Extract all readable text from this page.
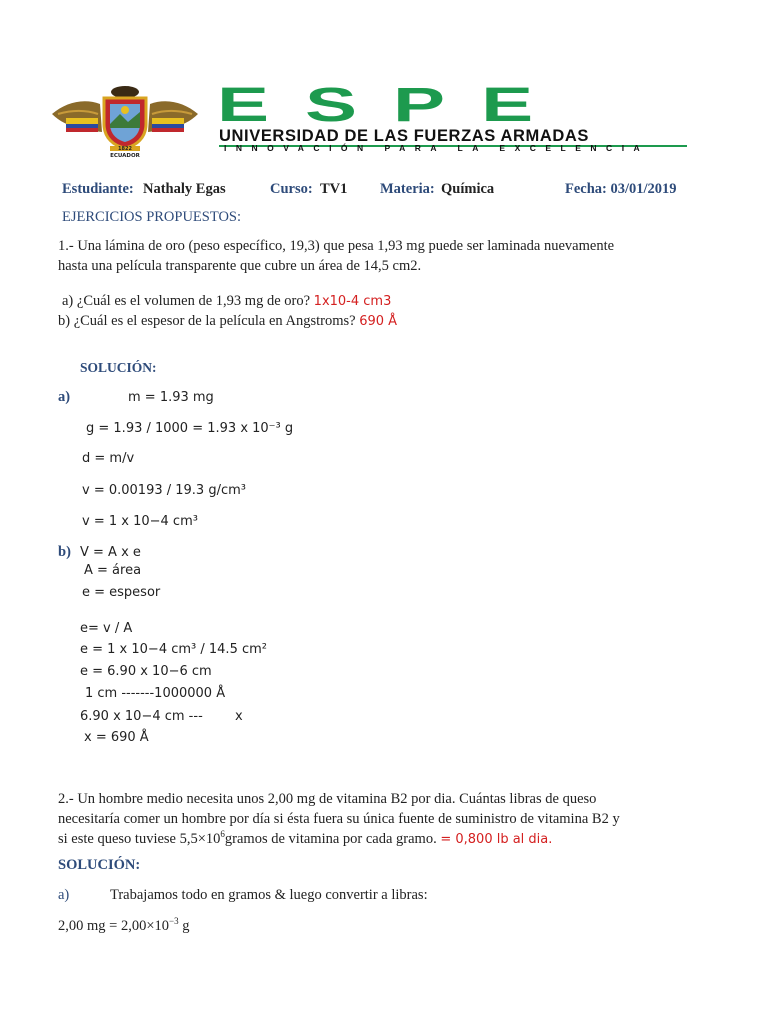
1822
ECUADOR
ESPE
UNIVERSIDAD DE LAS FUERZAS ARMADAS
INNOVACIÓN PARA LA EXCELENCIA
Estudiante: Nathaly Egas	Curso: TV1 Materia: Química	Fecha: 03/01/2019
EJERCICIOS PROPUESTOS:
1.- Una lámina de oro (peso específico, 19,3) que pesa 1,93 mg puede ser laminada nuevamente
hasta una película transparente que cubre un área de 14,5 cm2.
a) ¿Cuál es el volumen de 1,93 mg de oro? 1x10-4 cm3
b) ¿Cuál es el espesor de la película en Angstroms? 690 Å
SOLUCIÓN:
a)	m = 1.93 mg
g = 1.93 / 1000 = 1.93 x 10⁻³ g
d = m/v
v = 0.00193 / 19.3 g/cm³
v = 1 x 10−4 cm³
b) V = A x e
A = área
e = espesor
e= v / A
e = 1 x 10−4 cm³ / 14.5 cm²
e = 6.90 x 10−6 cm
1 cm -------1000000 Å
6.90 x 10−4 cm --- x
x = 690 Å
2.- Un hombre medio necesita unos 2,00 mg de vitamina B2 por dia. Cuántas libras de queso
necesitaría comer un hombre por día si ésta fuera su única fuente de suministro de vitamina B2 y
si este queso tuviese $5,5\times 10^6gramos$ de vitamina por cada gramo. = 0,800 lb al dia.
SOLUCIÓN:
a)	Trabajamos todo en gramos & luego convertir a libras:
2,00 mg = $2,00\times 10^{-3}$ g
